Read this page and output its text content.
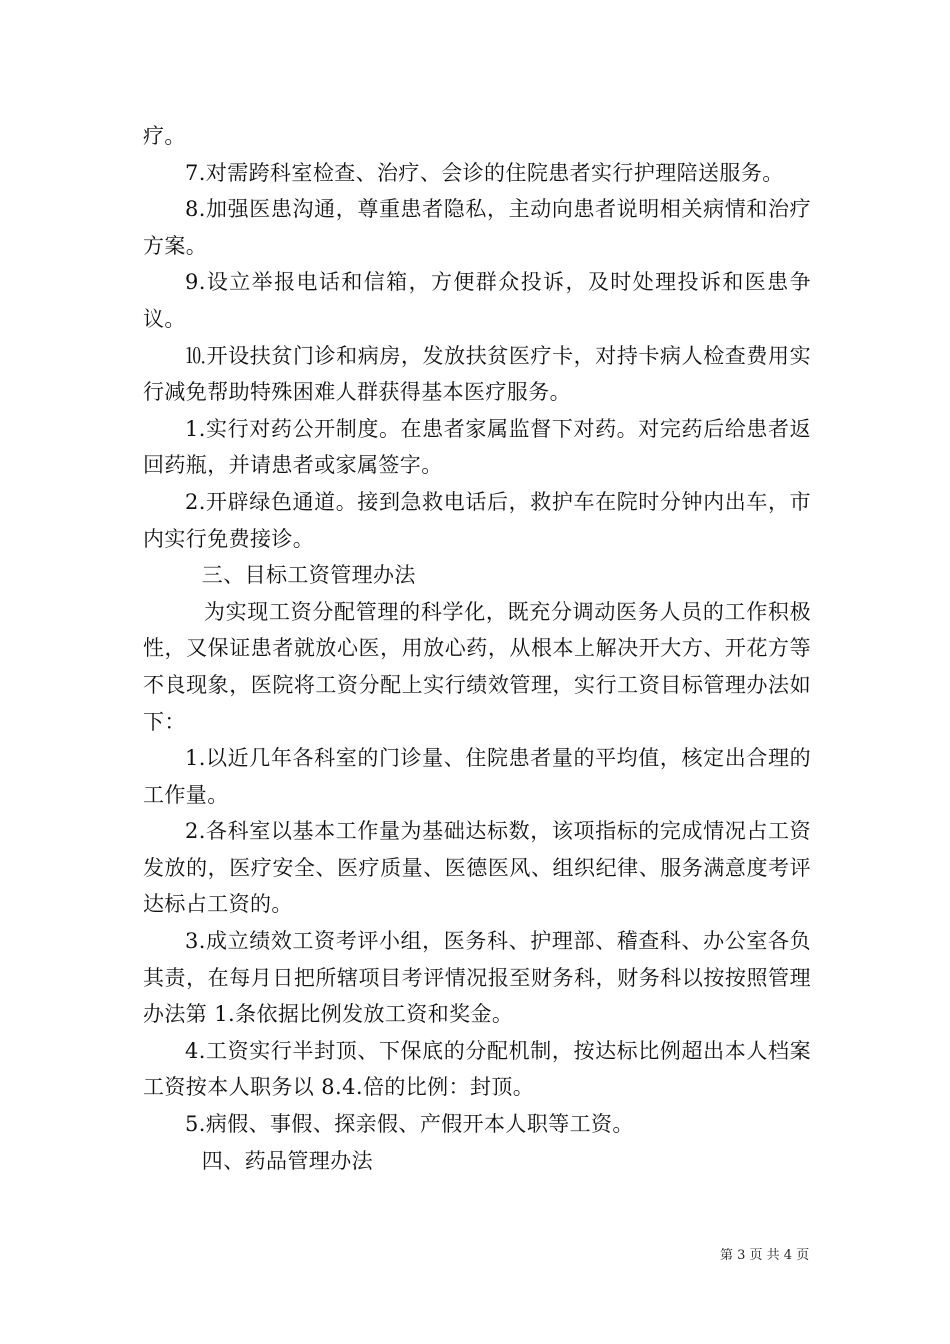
疗。

7.对需跨科室检查、治疗、会诊的住院患者实行护理陪送服务。

8.加强医患沟通，尊重患者隐私，主动向患者说明相关病情和治疗方案。

9.设立举报电话和信箱，方便群众投诉，及时处理投诉和医患争议。

⒑开设扶贫门诊和病房，发放扶贫医疗卡，对持卡病人检查费用实行减免帮助特殊困难人群获得基本医疗服务。

1.实行对药公开制度。在患者家属监督下对药。对完药后给患者返回药瓶，并请患者或家属签字。

2.开辟绿色通道。接到急救电话后，救护车在院时分钟内出车，市内实行免费接诊。

三、目标工资管理办法

为实现工资分配管理的科学化，既充分调动医务人员的工作积极性，又保证患者就放心医，用放心药，从根本上解决开大方、开花方等不良现象，医院将工资分配上实行绩效管理，实行工资目标管理办法如下：

1.以近几年各科室的门诊量、住院患者量的平均值，核定出合理的工作量。

2.各科室以基本工作量为基础达标数，该项指标的完成情况占工资发放的，医疗安全、医疗质量、医德医风、组织纪律、服务满意度考评达标占工资的。

3.成立绩效工资考评小组，医务科、护理部、稽查科、办公室各负其责，在每月日把所辖项目考评情况报至财务科，财务科以按按照管理办法第 1.条依据比例发放工资和奖金。

4.工资实行半封顶、下保底的分配机制，按达标比例超出本人档案工资按本人职务以 8.4.倍的比例：封顶。

5.病假、事假、探亲假、产假开本人职等工资。

四、药品管理办法

第 3 页 共 4 页
